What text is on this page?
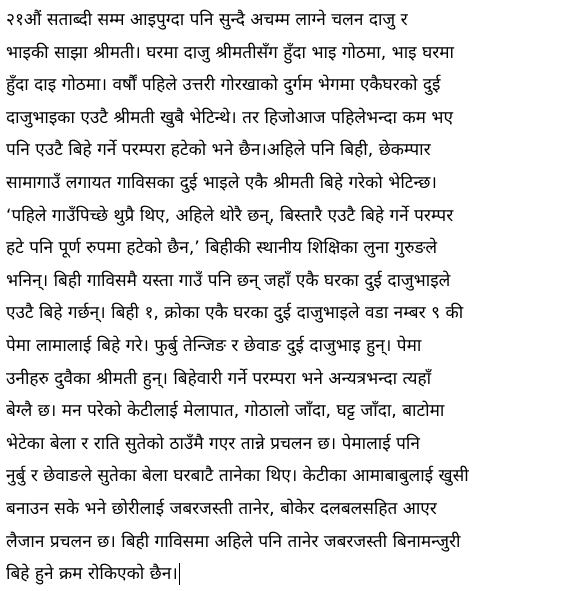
२१औं सताब्दी सम्म आइपुग्दा पनि सुन्दै अचम्म लाग्ने चलन दाजु र
भाइकी साझा श्रीमती। घरमा दाजु श्रीमतीसँग हुँदा भाइ गोठमा, भाइ घरमा
हुँदा दाइ गोठमा। वर्षौं पहिले उत्तरी गोरखाको दुर्गम भेगमा एकैघरको दुई
दाजुभाइका एउटै श्रीमती खुबै भेटिन्थे। तर हिजोआज पहिलेभन्दा कम भए
पनि एउटै बिहे गर्ने परम्परा हटेको भने छैन।अहिले पनि बिही, छेकम्पार
सामागाउँ लगायत गाविसका दुई भाइले एकै श्रीमती बिहे गरेको भेटिन्छ।
‘पहिले गाउँपिच्छे थुप्रै थिए, अहिले थोरै छन्, बिस्तारै एउटै बिहे गर्ने परम्पर
हटे पनि पूर्ण रुपमा हटेको छैन,’ बिहीकी स्थानीय शिक्षिका लुना गुरुङले
भनिन्। बिही गाविसमै यस्ता गाउँ पनि छन् जहाँ एकै घरका दुई दाजुभाइले
एउटै बिहे गर्छन्। बिही १, क्रोका एकै घरका दुई दाजुभाइले वडा नम्बर ९ की
पेमा लामालाई बिहे गरे। फुर्बु तेन्जिङ र छेवाङ दुई दाजुभाइ हुन्। पेमा
उनीहरु दुवैका श्रीमती हुन्। बिहेवारी गर्ने परम्परा भने अन्यत्रभन्दा त्यहाँ
बेग्लै छ। मन परेको केटीलाई मेलापात, गोठालो जाँदा, घट्ट जाँदा, बाटोमा
भेटेका बेला र राति सुतेको ठाउँमै गएर तान्ने प्रचलन छ। पेमालाई पनि
नुर्बु र छेवाङले सुतेका बेला घरबाटै तानेका थिए। केटीका आमाबाबुलाई खुसी
बनाउन सके भने छोरीलाई जबरजस्ती तानेर, बोकेर दलबलसहित आएर
लैजान प्रचलन छ। बिही गाविसमा अहिले पनि तानेर जबरजस्ती बिनामन्जुरी
बिहे हुने क्रम रोकिएको छैन।
